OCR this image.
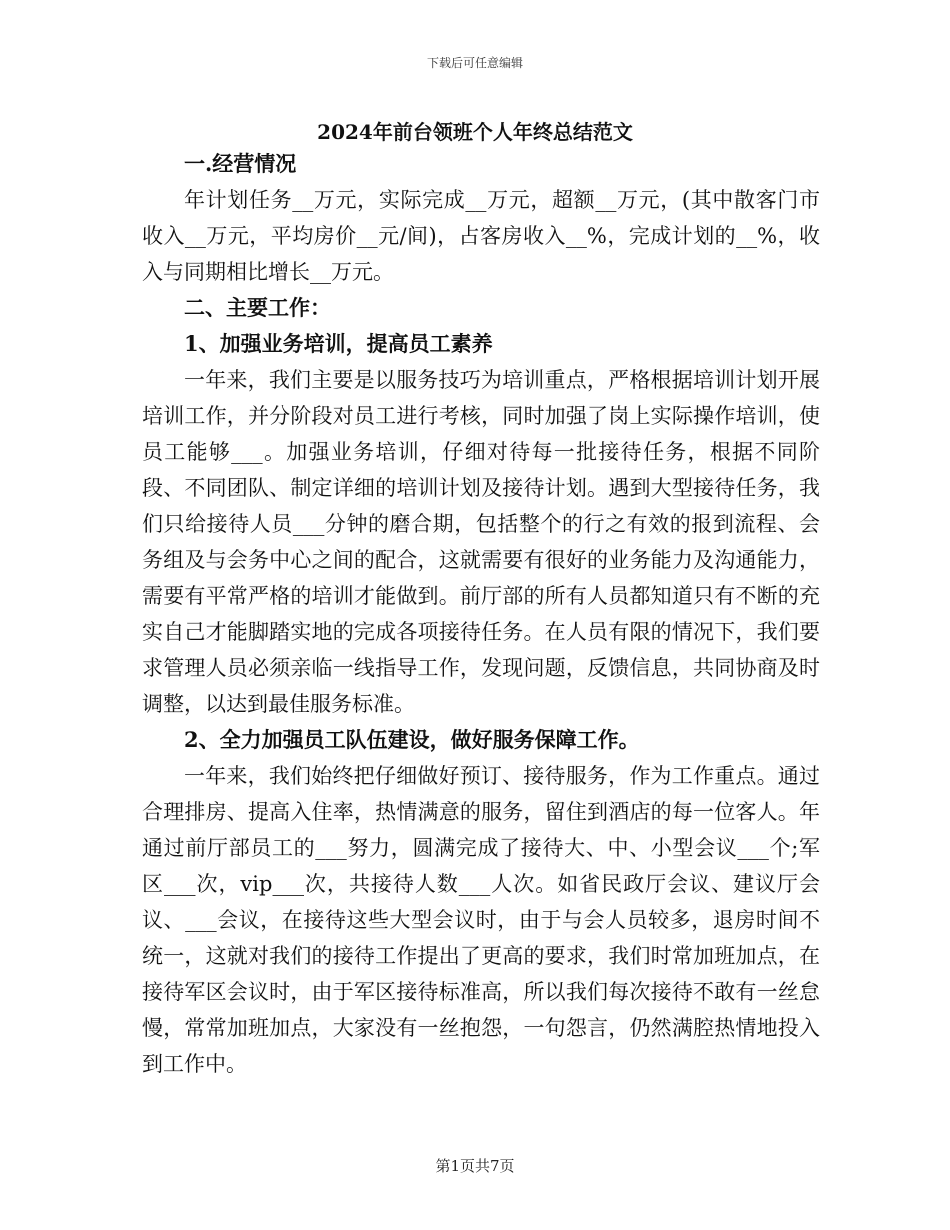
下载后可任意编辑
2024年前台领班个人年终总结范文

一.经营情况

年计划任务__万元，实际完成__万元，超额__万元，(其中散客门市收入__万元，平均房价__元/间)，占客房收入__%，完成计划的__%，收入与同期相比增长__万元。

二、主要工作：

1、加强业务培训，提高员工素养

一年来，我们主要是以服务技巧为培训重点，严格根据培训计划开展培训工作，并分阶段对员工进行考核，同时加强了岗上实际操作培训，使员工能够___。加强业务培训，仔细对待每一批接待任务，根据不同阶段、不同团队、制定详细的培训计划及接待计划。遇到大型接待任务，我们只给接待人员___分钟的磨合期，包括整个的行之有效的报到流程、会务组及与会务中心之间的配合，这就需要有很好的业务能力及沟通能力，需要有平常严格的培训才能做到。前厅部的所有人员都知道只有不断的充实自己才能脚踏实地的完成各项接待任务。在人员有限的情况下，我们要求管理人员必须亲临一线指导工作，发现问题，反馈信息，共同协商及时调整，以达到最佳服务标准。

2、全力加强员工队伍建设，做好服务保障工作。

一年来，我们始终把仔细做好预订、接待服务，作为工作重点。通过合理排房、提高入住率，热情满意的服务，留住到酒店的每一位客人。年通过前厅部员工的___努力，圆满完成了接待大、中、小型会议___个;军区___次，vip___次，共接待人数___人次。如省民政厅会议、建议厅会议、___会议，在接待这些大型会议时，由于与会人员较多，退房时间不统一，这就对我们的接待工作提出了更高的要求，我们时常加班加点，在接待军区会议时，由于军区接待标准高，所以我们每次接待不敢有一丝怠慢，常常加班加点，大家没有一丝抱怨，一句怨言，仍然满腔热情地投入到工作中。

第1页共7页
